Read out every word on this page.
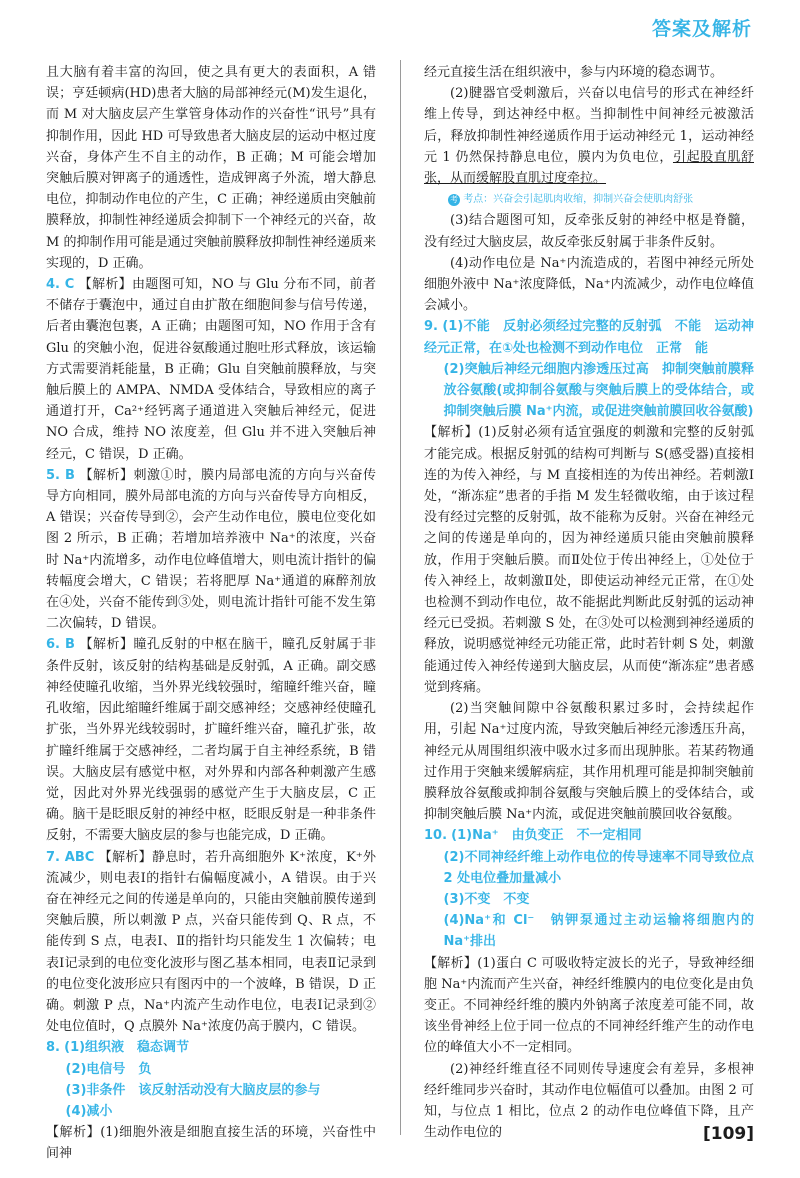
答案及解析

且大脑有着丰富的沟回，使之具有更大的表面积，A 错误；亨廷顿病(HD)患者大脑的局部神经元(M)发生退化，而 M 对大脑皮层产生掌管身体动作的兴奋性“讯号”具有抑制作用，因此 HD 可导致患者大脑皮层的运动中枢过度兴奋，身体产生不自主的动作，B 正确；M 可能会增加突触后膜对钾离子的通透性，造成钾离子外流，增大静息电位，抑制动作电位的产生，C 正确；神经递质由突触前膜释放，抑制性神经递质会抑制下一个神经元的兴奋，故 M 的抑制作用可能是通过突触前膜释放抑制性神经递质来实现的，D 正确。

4. C 【解析】由题图可知，NO 与 Glu 分布不同，前者不储存于囊泡中，通过自由扩散在细胞间参与信号传递，后者由囊泡包裹，A 正确；由题图可知，NO 作用于含有 Glu 的突触小泡，促进谷氨酸通过胞吐形式释放，该运输方式需要消耗能量，B 正确；Glu 自突触前膜释放，与突触后膜上的 AMPA、NMDA 受体结合，导致相应的离子通道打开，Ca²⁺经钙离子通道进入突触后神经元，促进 NO 合成，维持 NO 浓度差，但 Glu 并不进入突触后神经元，C 错误，D 正确。

5. B 【解析】刺激①时，膜内局部电流的方向与兴奋传导方向相同，膜外局部电流的方向与兴奋传导方向相反，A 错误；兴奋传导到②，会产生动作电位，膜电位变化如图 2 所示，B 正确；若增加培养液中 Na⁺的浓度，兴奋时 Na⁺内流增多，动作电位峰值增大，则电流计指针的偏转幅度会增大，C 错误；若将肥厚 Na⁺通道的麻醉剂放在④处，兴奋不能传到③处，则电流计指针可能不发生第二次偏转，D 错误。

6. B 【解析】瞳孔反射的中枢在脑干，瞳孔反射属于非条件反射，该反射的结构基础是反射弧，A 正确。副交感神经使瞳孔收缩，当外界光线较强时，缩瞳纤维兴奋，瞳孔收缩，因此缩瞳纤维属于副交感神经；交感神经使瞳孔扩张，当外界光线较弱时，扩瞳纤维兴奋，瞳孔扩张，故扩瞳纤维属于交感神经，二者均属于自主神经系统，B 错误。大脑皮层有感觉中枢，对外界和内部各种刺激产生感觉，因此对外界光线强弱的感觉产生于大脑皮层，C 正确。脑干是眨眼反射的神经中枢，眨眼反射是一种非条件反射，不需要大脑皮层的参与也能完成，D 正确。

7. ABC 【解析】静息时，若升高细胞外 K⁺浓度，K⁺外流减少，则电表Ⅰ的指针右偏幅度减小，A 错误。由于兴奋在神经元之间的传递是单向的，只能由突触前膜传递到突触后膜，所以刺激 P 点，兴奋只能传到 Q、R 点，不能传到 S 点，电表Ⅰ、Ⅱ的指针均只能发生 1 次偏转；电表Ⅰ记录到的电位变化波形与图乙基本相同，电表Ⅱ记录到的电位变化波形应只有图丙中的一个波峰，B 错误，D 正确。刺激 P 点，Na⁺内流产生动作电位，电表Ⅰ记录到②处电位值时，Q 点膜外 Na⁺浓度仍高于膜内，C 错误。

8. (1)组织液　稳态调节

(2)电信号　负

(3)非条件　该反射活动没有大脑皮层的参与

(4)减小

【解析】(1)细胞外液是细胞直接生活的环境，兴奋性中间神

经元直接生活在组织液中，参与内环境的稳态调节。

(2)腱器官受刺激后，兴奋以电信号的形式在神经纤维上传导，到达神经中枢。当抑制性中间神经元被激活后，释放抑制性神经递质作用于运动神经元 1，运动神经元 1 仍然保持静息电位，膜内为负电位，引起股直肌舒张，从而缓解股直肌过度牵拉。

考 考点：兴奋会引起肌肉收缩，抑制兴奋会使肌肉舒张

(3)结合题图可知，反牵张反射的神经中枢是脊髓，没有经过大脑皮层，故反牵张反射属于非条件反射。

(4)动作电位是 Na⁺内流造成的，若图中神经元所处细胞外液中 Na⁺浓度降低，Na⁺内流减少，动作电位峰值会减小。

9. (1)不能　反射必须经过完整的反射弧　不能　运动神经元正常，在①处也检测不到动作电位　正常　能

(2)突触后神经元细胞内渗透压过高　抑制突触前膜释放谷氨酸(或抑制谷氨酸与突触后膜上的受体结合，或抑制突触后膜 Na⁺内流，或促进突触前膜回收谷氨酸)

【解析】(1)反射必须有适宜强度的刺激和完整的反射弧才能完成。根据反射弧的结构可判断与 S(感受器)直接相连的为传入神经，与 M 直接相连的为传出神经。若刺激Ⅰ处，“渐冻症”患者的手指 M 发生轻微收缩，由于该过程没有经过完整的反射弧，故不能称为反射。兴奋在神经元之间的传递是单向的，因为神经递质只能由突触前膜释放，作用于突触后膜。而Ⅱ处位于传出神经上，①处位于传入神经上，故刺激Ⅱ处，即使运动神经元正常，在①处也检测不到动作电位，故不能据此判断此反射弧的运动神经元已受损。若刺激 S 处，在③处可以检测到神经递质的释放，说明感觉神经元功能正常，此时若针刺 S 处，刺激能通过传入神经传递到大脑皮层，从而使“渐冻症”患者感觉到疼痛。

(2)当突触间隙中谷氨酸积累过多时，会持续起作用，引起 Na⁺过度内流，导致突触后神经元渗透压升高，神经元从周围组织液中吸水过多而出现肿胀。若某药物通过作用于突触来缓解病症，其作用机理可能是抑制突触前膜释放谷氨酸或抑制谷氨酸与突触后膜上的受体结合，或抑制突触后膜 Na⁺内流，或促进突触前膜回收谷氨酸。

10. (1)Na⁺　由负变正　不一定相同

(2)不同神经纤维上动作电位的传导速率不同导致位点 2 处电位叠加量减小

(3)不变　不变

(4)Na⁺和 Cl⁻　钠钾泵通过主动运输将细胞内的 Na⁺排出

【解析】(1)蛋白 C 可吸收特定波长的光子，导致神经细胞 Na⁺内流而产生兴奋，神经纤维膜内的电位变化是由负变正。不同神经纤维的膜内外钠离子浓度差可能不同，故该坐骨神经上位于同一位点的不同神经纤维产生的动作电位的峰值大小不一定相同。

(2)神经纤维直径不同则传导速度会有差异，多根神经纤维同步兴奋时，其动作电位幅值可以叠加。由图 2 可知，与位点 1 相比，位点 2 的动作电位峰值下降，且产生动作电位的	[109]
